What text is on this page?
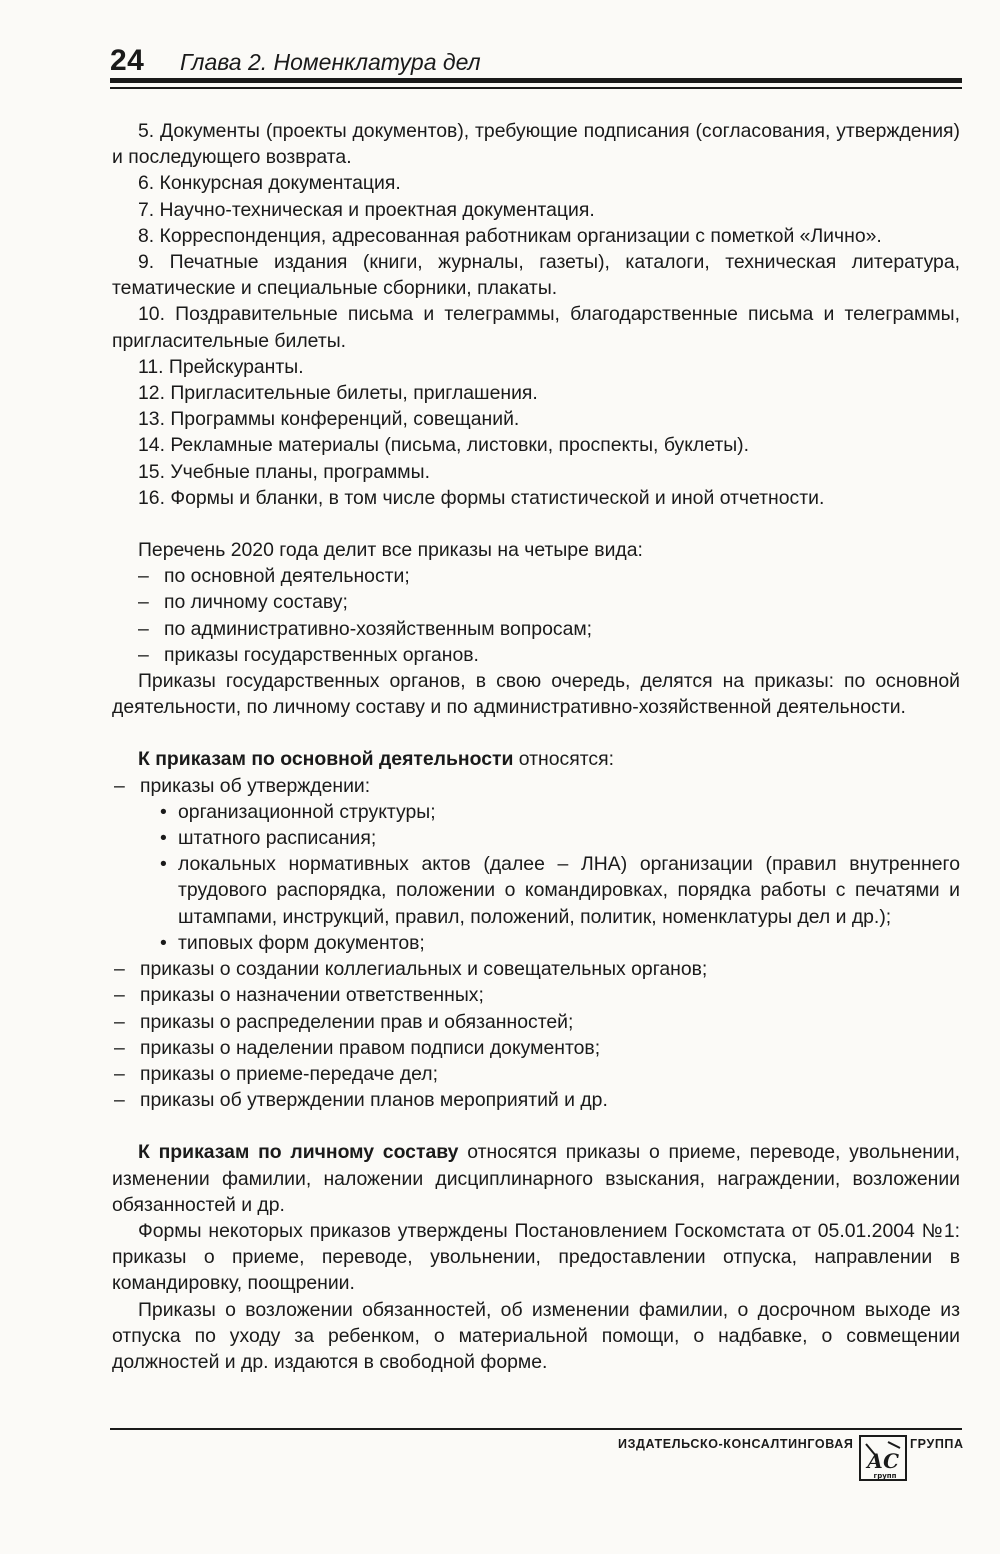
24 Глава 2. Номенклатура дел

5. Документы (проекты документов), требующие подписания (согласования, утверждения) и последующего возврата.

6. Конкурсная документация.

7. Научно-техническая и проектная документация.

8. Корреспонденция, адресованная работникам организации с пометкой «Лично».

9. Печатные издания (книги, журналы, газеты), каталоги, техническая литература, тематические и специальные сборники, плакаты.

10. Поздравительные письма и телеграммы, благодарственные письма и телеграммы, пригласительные билеты.

11. Прейскуранты.

12. Пригласительные билеты, приглашения.

13. Программы конференций, совещаний.

14. Рекламные материалы (письма, листовки, проспекты, буклеты).

15. Учебные планы, программы.

16. Формы и бланки, в том числе формы статистической и иной отчетности.

Перечень 2020 года делит все приказы на четыре вида:

– по основной деятельности;

– по личному составу;

– по административно-хозяйственным вопросам;

– приказы государственных органов.

Приказы государственных органов, в свою очередь, делятся на приказы: по основной деятельности, по личному составу и по административно-хозяйственной деятельности.

К приказам по основной деятельности относятся:

– приказы об утверждении:

• организационной структуры;

• штатного расписания;

• локальных нормативных актов (далее – ЛНА) организации (правил внутреннего трудового распорядка, положении о командировках, порядка работы с печатями и штампами, инструкций, правил, положений, политик, номенклатуры дел и др.);

• типовых форм документов;

– приказы о создании коллегиальных и совещательных органов;

– приказы о назначении ответственных;

– приказы о распределении прав и обязанностей;

– приказы о наделении правом подписи документов;

– приказы о приеме-передаче дел;

– приказы об утверждении планов мероприятий и др.

К приказам по личному составу относятся приказы о приеме, переводе, увольнении, изменении фамилии, наложении дисциплинарного взыскания, награждении, возложении обязанностей и др.

Формы некоторых приказов утверждены Постановлением Госкомстата от 05.01.2004 №1: приказы о приеме, переводе, увольнении, предоставлении отпуска, направлении в командировку, поощрении.

Приказы о возложении обязанностей, об изменении фамилии, о досрочном выходе из отпуска по уходу за ребенком, о материальной помощи, о надбавке, о совмещении должностей и др. издаются в свободной форме.

ИЗДАТЕЛЬСКО-КОНСАЛТИНГОВАЯ
АС
групп
ГРУППА
